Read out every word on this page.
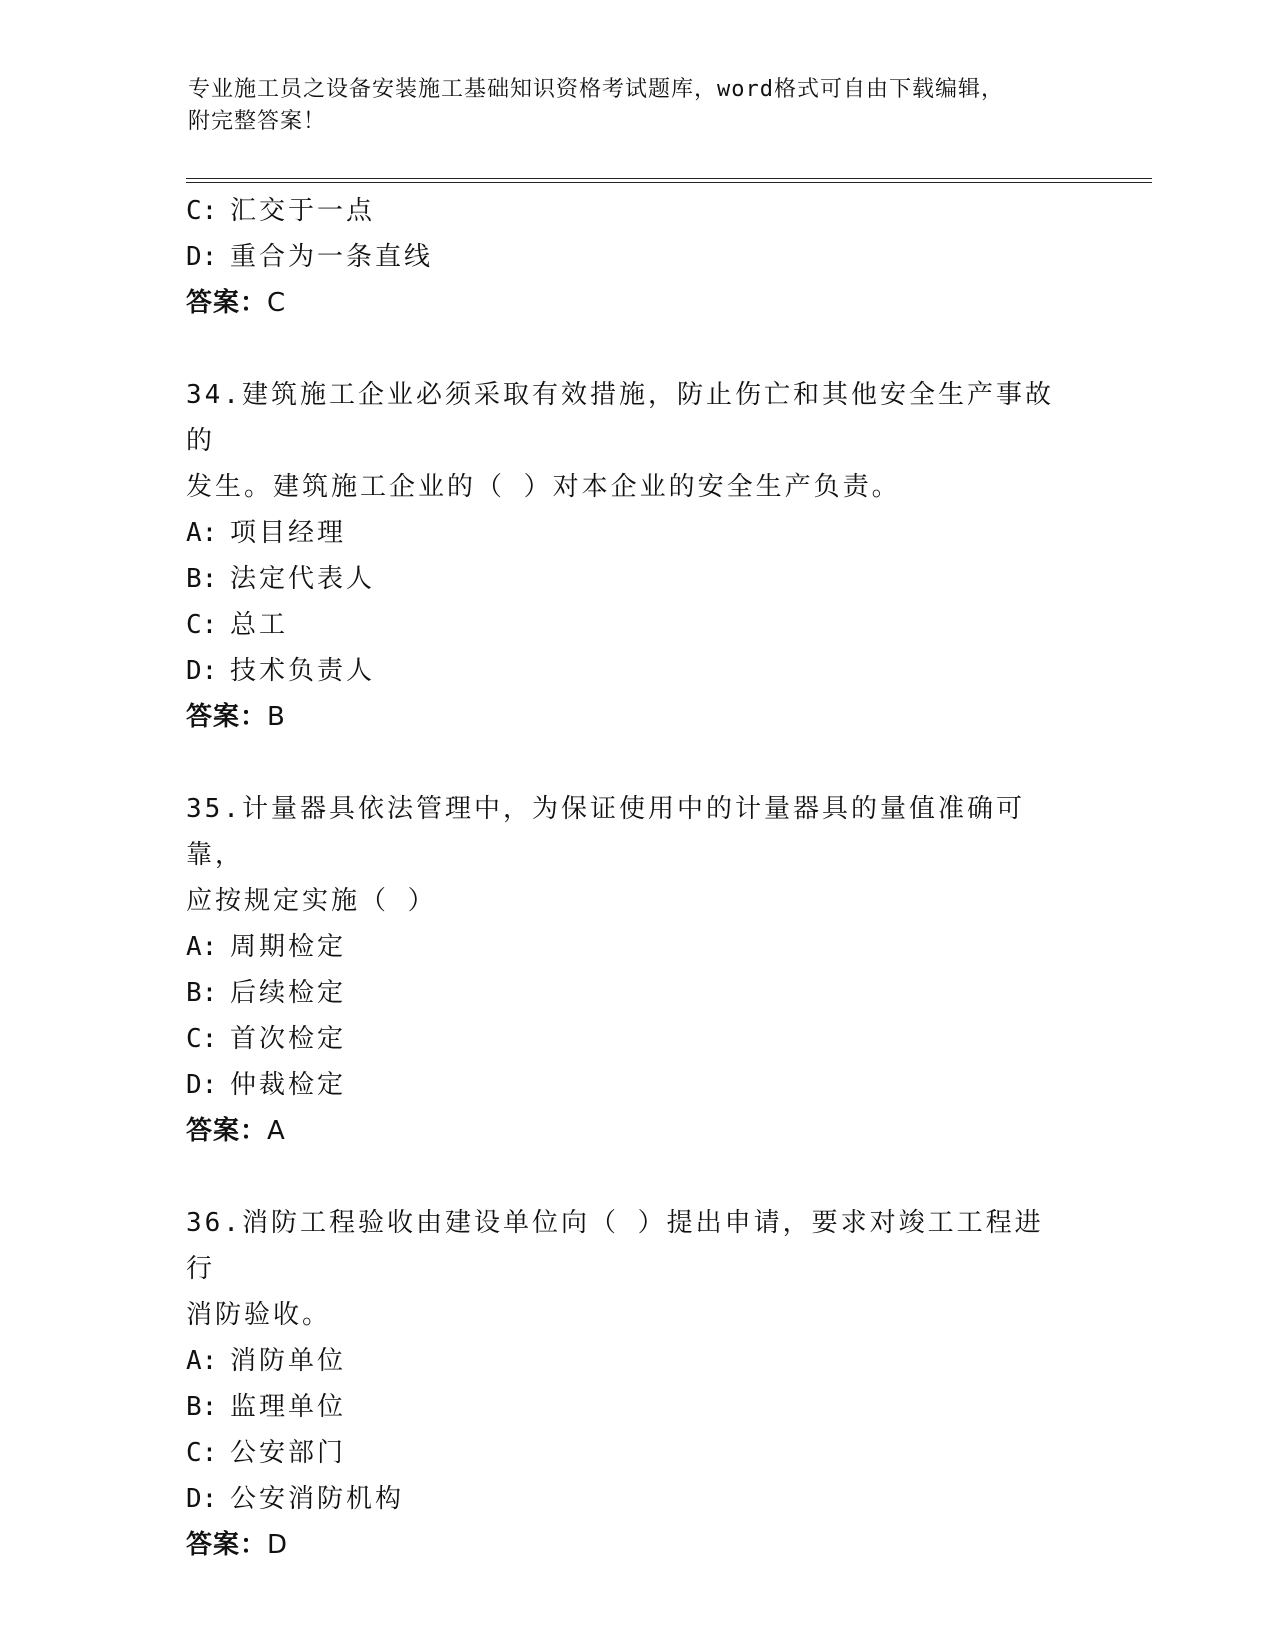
专业施工员之设备安装施工基础知识资格考试题库，word格式可自由下载编辑，
附完整答案！
C: 汇交于一点
D: 重合为一条直线
答案：C
34.建筑施工企业必须采取有效措施，防止伤亡和其他安全生产事故的
发生。建筑施工企业的（ ）对本企业的安全生产负责。
A: 项目经理
B: 法定代表人
C: 总工
D: 技术负责人
答案：B
35.计量器具依法管理中，为保证使用中的计量器具的量值准确可靠，
应按规定实施（ ）
A: 周期检定
B: 后续检定
C: 首次检定
D: 仲裁检定
答案：A
36.消防工程验收由建设单位向（ ）提出申请，要求对竣工工程进行
消防验收。
A: 消防单位
B: 监理单位
C: 公安部门
D: 公安消防机构
答案：D
